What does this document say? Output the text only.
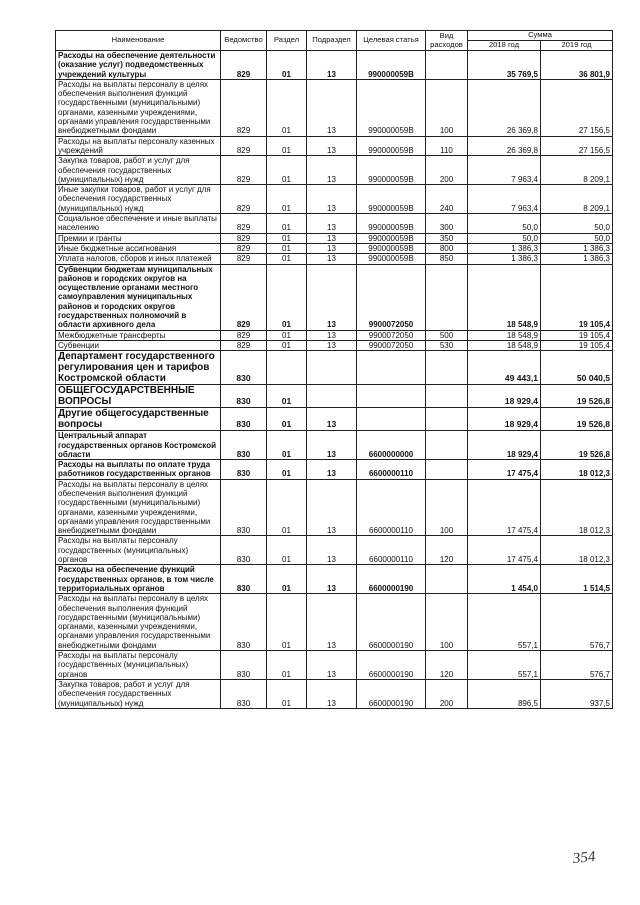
Наименование	Ведомство	Раздел	Подраздел	Целевая статья	Вид расходов	Сумма	
						2018 год	2019 год
Расходы на обеспечение деятельности (оказание услуг) подведомственных учреждений культуры	829	01	13	990000059В		35 769,5	36 801,9
Расходы на выплаты персоналу в целях обеспечения выполнения функций государственными (муниципальными) органами, казенными учреждениями, органами управления государственными внебюджетными фондами	829	01	13	990000059В	100	26 369,8	27 156,5
Расходы на выплаты персоналу казенных учреждений	829	01	13	990000059В	110	26 369,8	27 156,5
Закупка товаров, работ и услуг для обеспечения государственных (муниципальных) нужд	829	01	13	990000059В	200	7 963,4	8 209,1
Иные закупки товаров, работ и услуг для обеспечения государственных (муниципальных) нужд	829	01	13	990000059В	240	7 963,4	8 209,1
Социальное обеспечение и иные выплаты населению	829	01	13	990000059В	300	50,0	50,0
Премии и гранты	829	01	13	990000059В	350	50,0	50,0
Иные бюджетные ассигнования	829	01	13	990000059В	800	1 386,3	1 386,3
Уплата налогов, сборов и иных платежей	829	01	13	990000059В	850	1 386,3	1 386,3
Субвенции бюджетам муниципальных районов и городских округов на осуществление органами местного самоуправления муниципальных районов и городских округов государственных полномочий в области архивного дела	829	01	13	9900072050		18 548,9	19 105,4
Межбюджетные трансферты	829	01	13	9900072050	500	18 548,9	19 105,4
Субвенции	829	01	13	9900072050	530	18 548,9	19 105,4
Департамент государственного регулирования цен и тарифов Костромской области	830					49 443,1	50 040,5
ОБЩЕГОСУДАРСТВЕННЫЕ ВОПРОСЫ	830	01				18 929,4	19 526,8
Другие общегосударственные вопросы	830	01	13			18 929,4	19 526,8
Центральный аппарат государственных органов Костромской области	830	01	13	6600000000		18 929,4	19 526,8
Расходы на выплаты по оплате труда работников государственных органов	830	01	13	6600000110		17 475,4	18 012,3
Расходы на выплаты персоналу в целях обеспечения выполнения функций государственными (муниципальными) органами, казенными учреждениями, органами управления государственными внебюджетными фондами	830	01	13	6600000110	100	17 475,4	18 012,3
Расходы на выплаты персоналу государственных (муниципальных) органов	830	01	13	6600000110	120	17 475,4	18 012,3
Расходы на обеспечение функций государственных органов, в том числе территориальных органов	830	01	13	6600000190		1 454,0	1 514,5
Расходы на выплаты персоналу в целях обеспечения выполнения функций государственными (муниципальными) органами, казенными учреждениями, органами управления государственными внебюджетными фондами	830	01	13	6600000190	100	557,1	576,7
Расходы на выплаты персоналу государственных (муниципальных) органов	830	01	13	6600000190	120	557,1	576,7
Закупка товаров, работ и услуг для обеспечения государственных (муниципальных) нужд	830	01	13	6600000190	200	896,5	937,5
354
